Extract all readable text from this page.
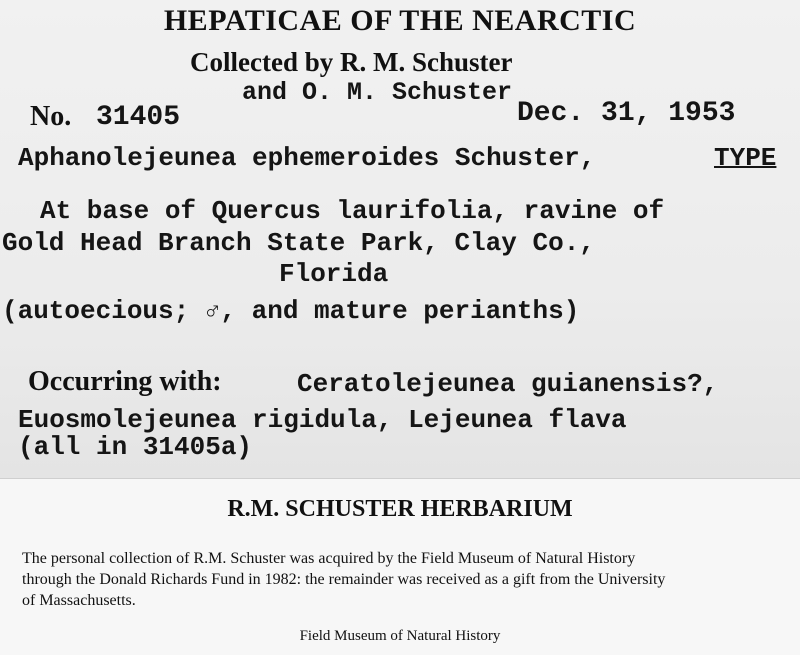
HEPATICAE OF THE NEARCTIC
Collected by R. M. Schuster
and O. M. Schuster
No. 31405	Dec. 31, 1953
Aphanolejeunea ephemeroides Schuster,	TYPE
At base of Quercus laurifolia, ravine of
Gold Head Branch State Park, Clay Co.,
Florida
(autoecious; ♂, and mature perianths)
Occurring with:	Ceratolejeunea guianensis?,
Euosmolejeunea rigidula, Lejeunea flava
(all in 31405a)
R.M. SCHUSTER HERBARIUM
The personal collection of R.M. Schuster was acquired by the Field Museum of Natural History
through the Donald Richards Fund in 1982: the remainder was received as a gift from the University
of Massachusetts.
Field Museum of Natural History
